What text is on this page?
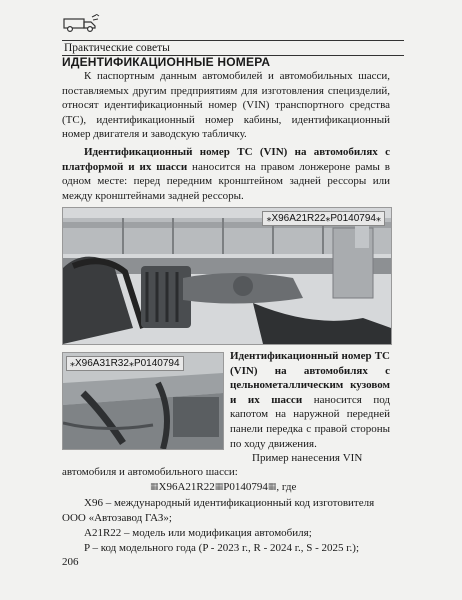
Практические советы
ИДЕНТИФИКАЦИОННЫЕ НОМЕРА
К паспортным данным автомобилей и автомобильных шасси, поставляемых другим предприятиям для изготовления специзделий, относят идентификационный номер (VIN) транспортного средства (ТС), идентификационный номер кабины, идентификационный номер двигателя и заводскую табличку.
Идентификационный номер ТС (VIN) на автомобилях с платформой и их шасси наносится на правом лонжероне рамы в одном месте: перед передним кронштейном задней рессоры или между кронштейнами задней рессоры.
⁎X96A21R22⁎P0140794⁎
⁎X96A31R32⁎P0140794
Идентификационный номер ТС (VIN) на автомобилях с цельнометаллическим кузовом и их шасси наносится под капотом на наружной передней панели передка с правой стороны по ходу движения.
Пример нанесения VIN
автомобиля и автомобильного шасси:
▦X96A21R22▦P0140794▦, где
X96 – международный идентификационный код изготовителя ООО «Автозавод ГАЗ»;
A21R22 – модель или модификация автомобиля;
P – код модельного года (P - 2023 г., R - 2024 г., S - 2025 г.);
206
